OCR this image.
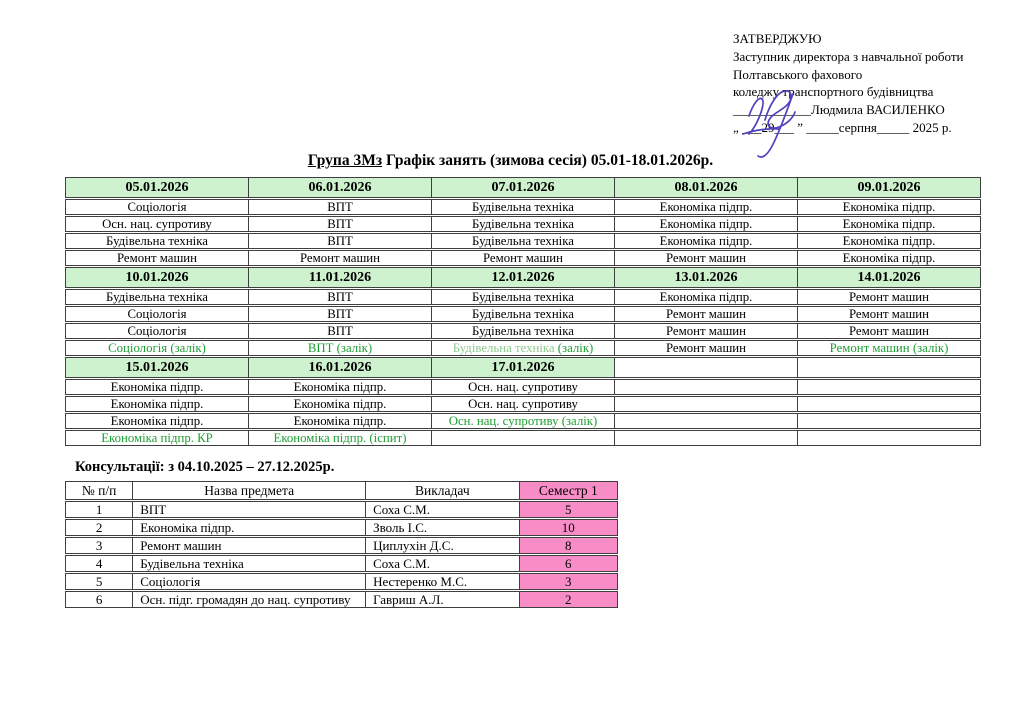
ЗАТВЕРДЖУЮ
Заступник директора з навчальної роботи
Полтавського фахового
коледжу транспортного будівництва
____________Людмила ВАСИЛЕНКО
„ ___29___ ” _____серпня_____ 2025 р.
Група 3Мз Графік занять (зимова сесія) 05.01-18.01.2026р.
05.01.2026	06.01.2026	07.01.2026	08.01.2026	09.01.2026
Соціологія	ВПТ	Будівельна техніка	Економіка підпр.	Економіка підпр.
Осн. нац. супротиву	ВПТ	Будівельна техніка	Економіка підпр.	Економіка підпр.
Будівельна техніка	ВПТ	Будівельна техніка	Економіка підпр.	Економіка підпр.
Ремонт машин	Ремонт машин	Ремонт машин	Ремонт машин	Економіка підпр.
10.01.2026	11.01.2026	12.01.2026	13.01.2026	14.01.2026
Будівельна техніка	ВПТ	Будівельна техніка	Економіка підпр.	Ремонт машин
Соціологія	ВПТ	Будівельна техніка	Ремонт машин	Ремонт машин
Соціологія	ВПТ	Будівельна техніка	Ремонт машин	Ремонт машин
Соціологія (залік)	ВПТ (залік)	Будівельна техніка (залік)	Ремонт машин	Ремонт машин (залік)
15.01.2026	16.01.2026	17.01.2026		
Економіка підпр.	Економіка підпр.	Осн. нац. супротиву		
Економіка підпр.	Економіка підпр.	Осн. нац. супротиву		
Економіка підпр.	Економіка підпр.	Осн. нац. супротиву (залік)		
Економіка підпр. КР	Економіка підпр. (іспит)			
Консультації: з 04.10.2025 – 27.12.2025р.
№ п/п	Назва предмета	Викладач	Семестр 1
1	ВПТ	Соха С.М.	5
2	Економіка підпр.	Зволь І.С.	10
3	Ремонт машин	Циплухін Д.С.	8
4	Будівельна техніка	Соха С.М.	6
5	Соціологія	Нестеренко М.С.	3
6	Осн. підг. громадян до нац. супротиву	Гавриш А.Л.	2
